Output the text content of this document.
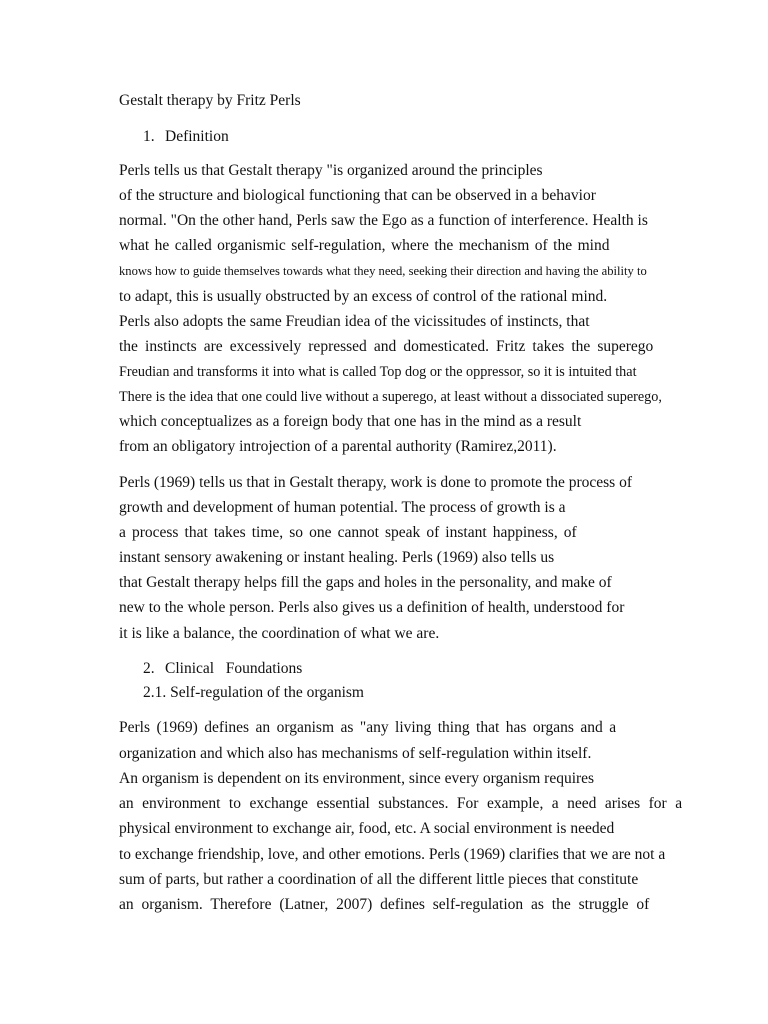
Gestalt therapy by Fritz Perls
1. Definition
Perls tells us that Gestalt therapy "is organized around the principles
of the structure and biological functioning that can be observed in a behavior
normal. "On the other hand, Perls saw the Ego as a function of interference. Health is
what he called organismic self-regulation, where the mechanism of the mind
knows how to guide themselves towards what they need, seeking their direction and having the ability to
to adapt, this is usually obstructed by an excess of control of the rational mind.
Perls also adopts the same Freudian idea of the vicissitudes of instincts, that
the instincts are excessively repressed and domesticated. Fritz takes the superego
Freudian and transforms it into what is called Top dog or the oppressor, so it is intuited that
There is the idea that one could live without a superego, at least without a dissociated superego,
which conceptualizes as a foreign body that one has in the mind as a result
from an obligatory introjection of a parental authority (Ramirez,2011).
Perls (1969) tells us that in Gestalt therapy, work is done to promote the process of
growth and development of human potential. The process of growth is a
a process that takes time, so one cannot speak of instant happiness, of
instant sensory awakening or instant healing. Perls (1969) also tells us
that Gestalt therapy helps fill the gaps and holes in the personality, and make of
new to the whole person. Perls also gives us a definition of health, understood for
it is like a balance, the coordination of what we are.
2. Clinical   Foundations
2.1. Self-regulation of the organism
Perls (1969) defines an organism as "any living thing that has organs and a
organization and which also has mechanisms of self-regulation within itself.
An organism is dependent on its environment, since every organism requires
an environment to exchange essential substances. For example, a need arises for a
physical environment to exchange air, food, etc. A social environment is needed
to exchange friendship, love, and other emotions. Perls (1969) clarifies that we are not a
sum of parts, but rather a coordination of all the different little pieces that constitute
an organism. Therefore (Latner, 2007) defines self-regulation as the struggle of
